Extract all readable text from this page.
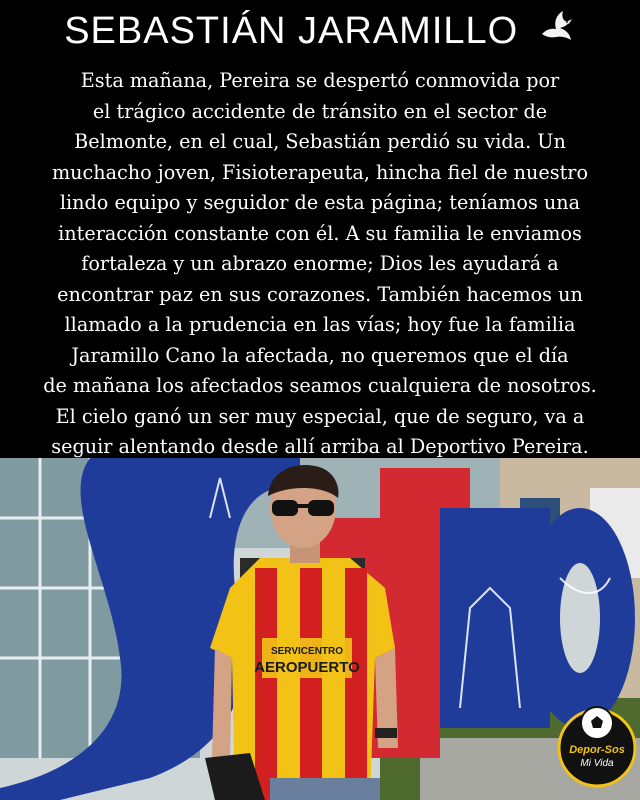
SEBASTIÁN JARAMILLO
Esta mañana, Pereira se despertó conmovida por
el trágico accidente de tránsito en el sector de
Belmonte, en el cual, Sebastián perdió su vida. Un
muchacho joven, Fisioterapeuta, hincha fiel de nuestro
lindo equipo y seguidor de esta página; teníamos una
interacción constante con él. A su familia le enviamos
fortaleza y un abrazo enorme; Dios les ayudará a
encontrar paz en sus corazones. También hacemos un
llamado a la prudencia en las vías; hoy fue la familia
Jaramillo Cano la afectada, no queremos que el día
de mañana los afectados seamos cualquiera de nosotros.
El cielo ganó un ser muy especial, que de seguro, va a
seguir alentando desde allí arriba al Deportivo Pereira.
SERVICENTRO
AEROPUERTO
Depor-Sos
Mi Vida
